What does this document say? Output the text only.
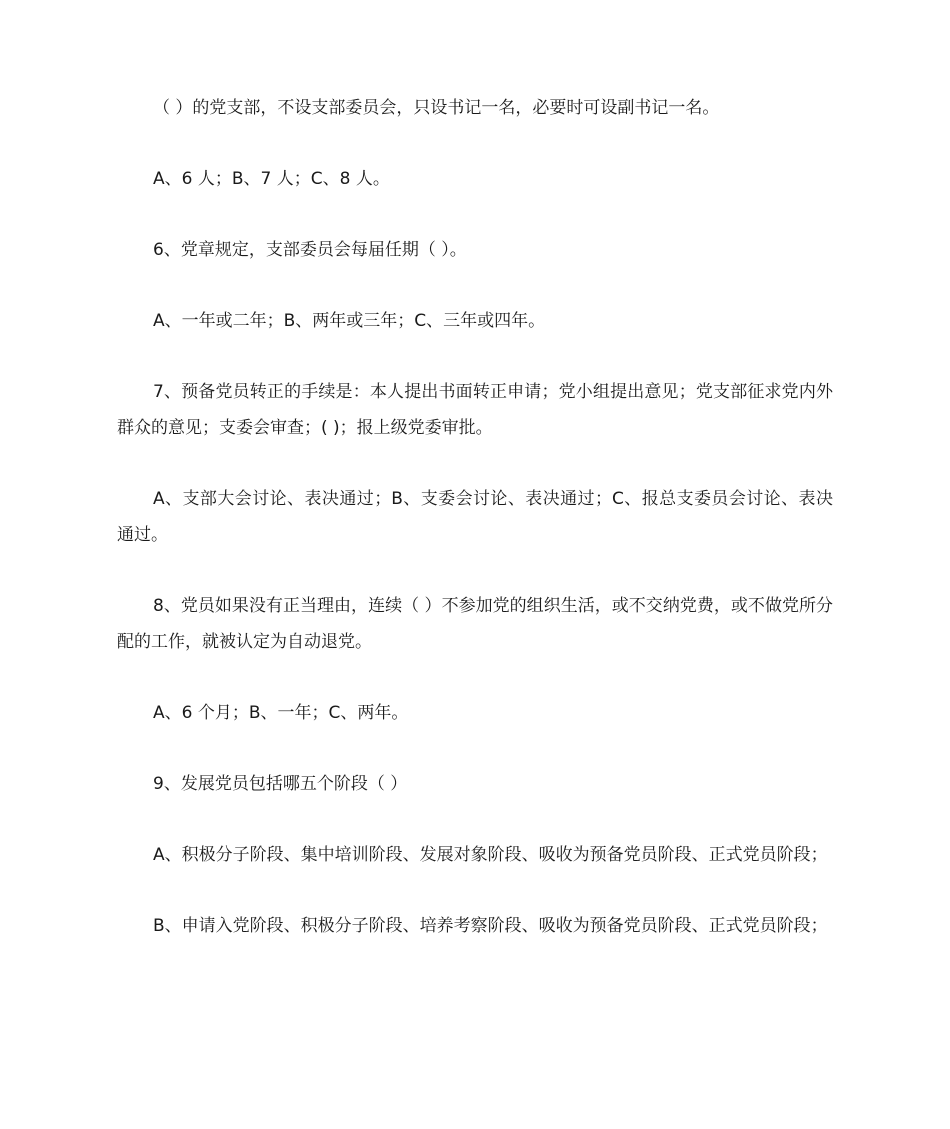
（ ）的党支部，不设支部委员会，只设书记一名，必要时可设副书记一名。

A、6 人；B、7 人；C、8 人。

6、党章规定，支部委员会每届任期（ ）。

A、一年或二年；B、两年或三年；C、三年或四年。

7、预备党员转正的手续是：本人提出书面转正申请；党小组提出意见；党支部征求党内外群众的意见；支委会审查；( )；报上级党委审批。

A、支部大会讨论、表决通过；B、支委会讨论、表决通过；C、报总支委员会讨论、表决通过。

8、党员如果没有正当理由，连续（ ）不参加党的组织生活，或不交纳党费，或不做党所分配的工作，就被认定为自动退党。

A、6 个月；B、一年；C、两年。

9、发展党员包括哪五个阶段（ ）

A、积极分子阶段、集中培训阶段、发展对象阶段、吸收为预备党员阶段、正式党员阶段；

B、申请入党阶段、积极分子阶段、培养考察阶段、吸收为预备党员阶段、正式党员阶段；
